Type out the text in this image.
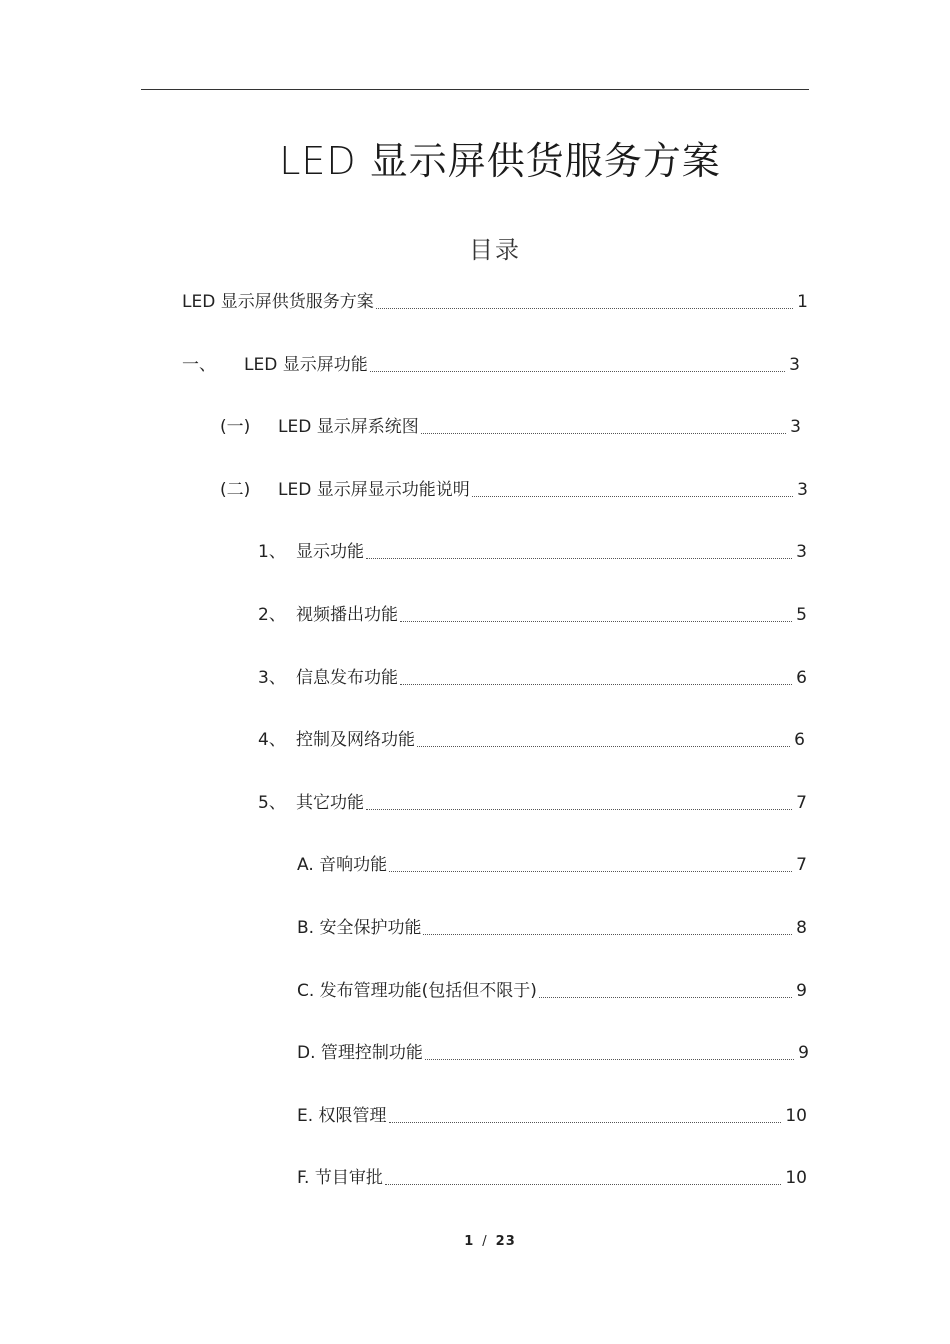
LED 显示屏供货服务方案
目录
LED 显示屏供货服务方案	1
一、	LED 显示屏功能	3
(一)	LED 显示屏系统图	3
(二)	LED 显示屏显示功能说明	3
1、 显示功能	3
2、 视频播出功能	5
3、 信息发布功能	6
4、 控制及网络功能	6
5、 其它功能	7
A. 音响功能	7
B. 安全保护功能	8
C. 发布管理功能(包括但不限于)	9
D. 管理控制功能	9
E. 权限管理	10
F. 节目审批	10
1 / 23
